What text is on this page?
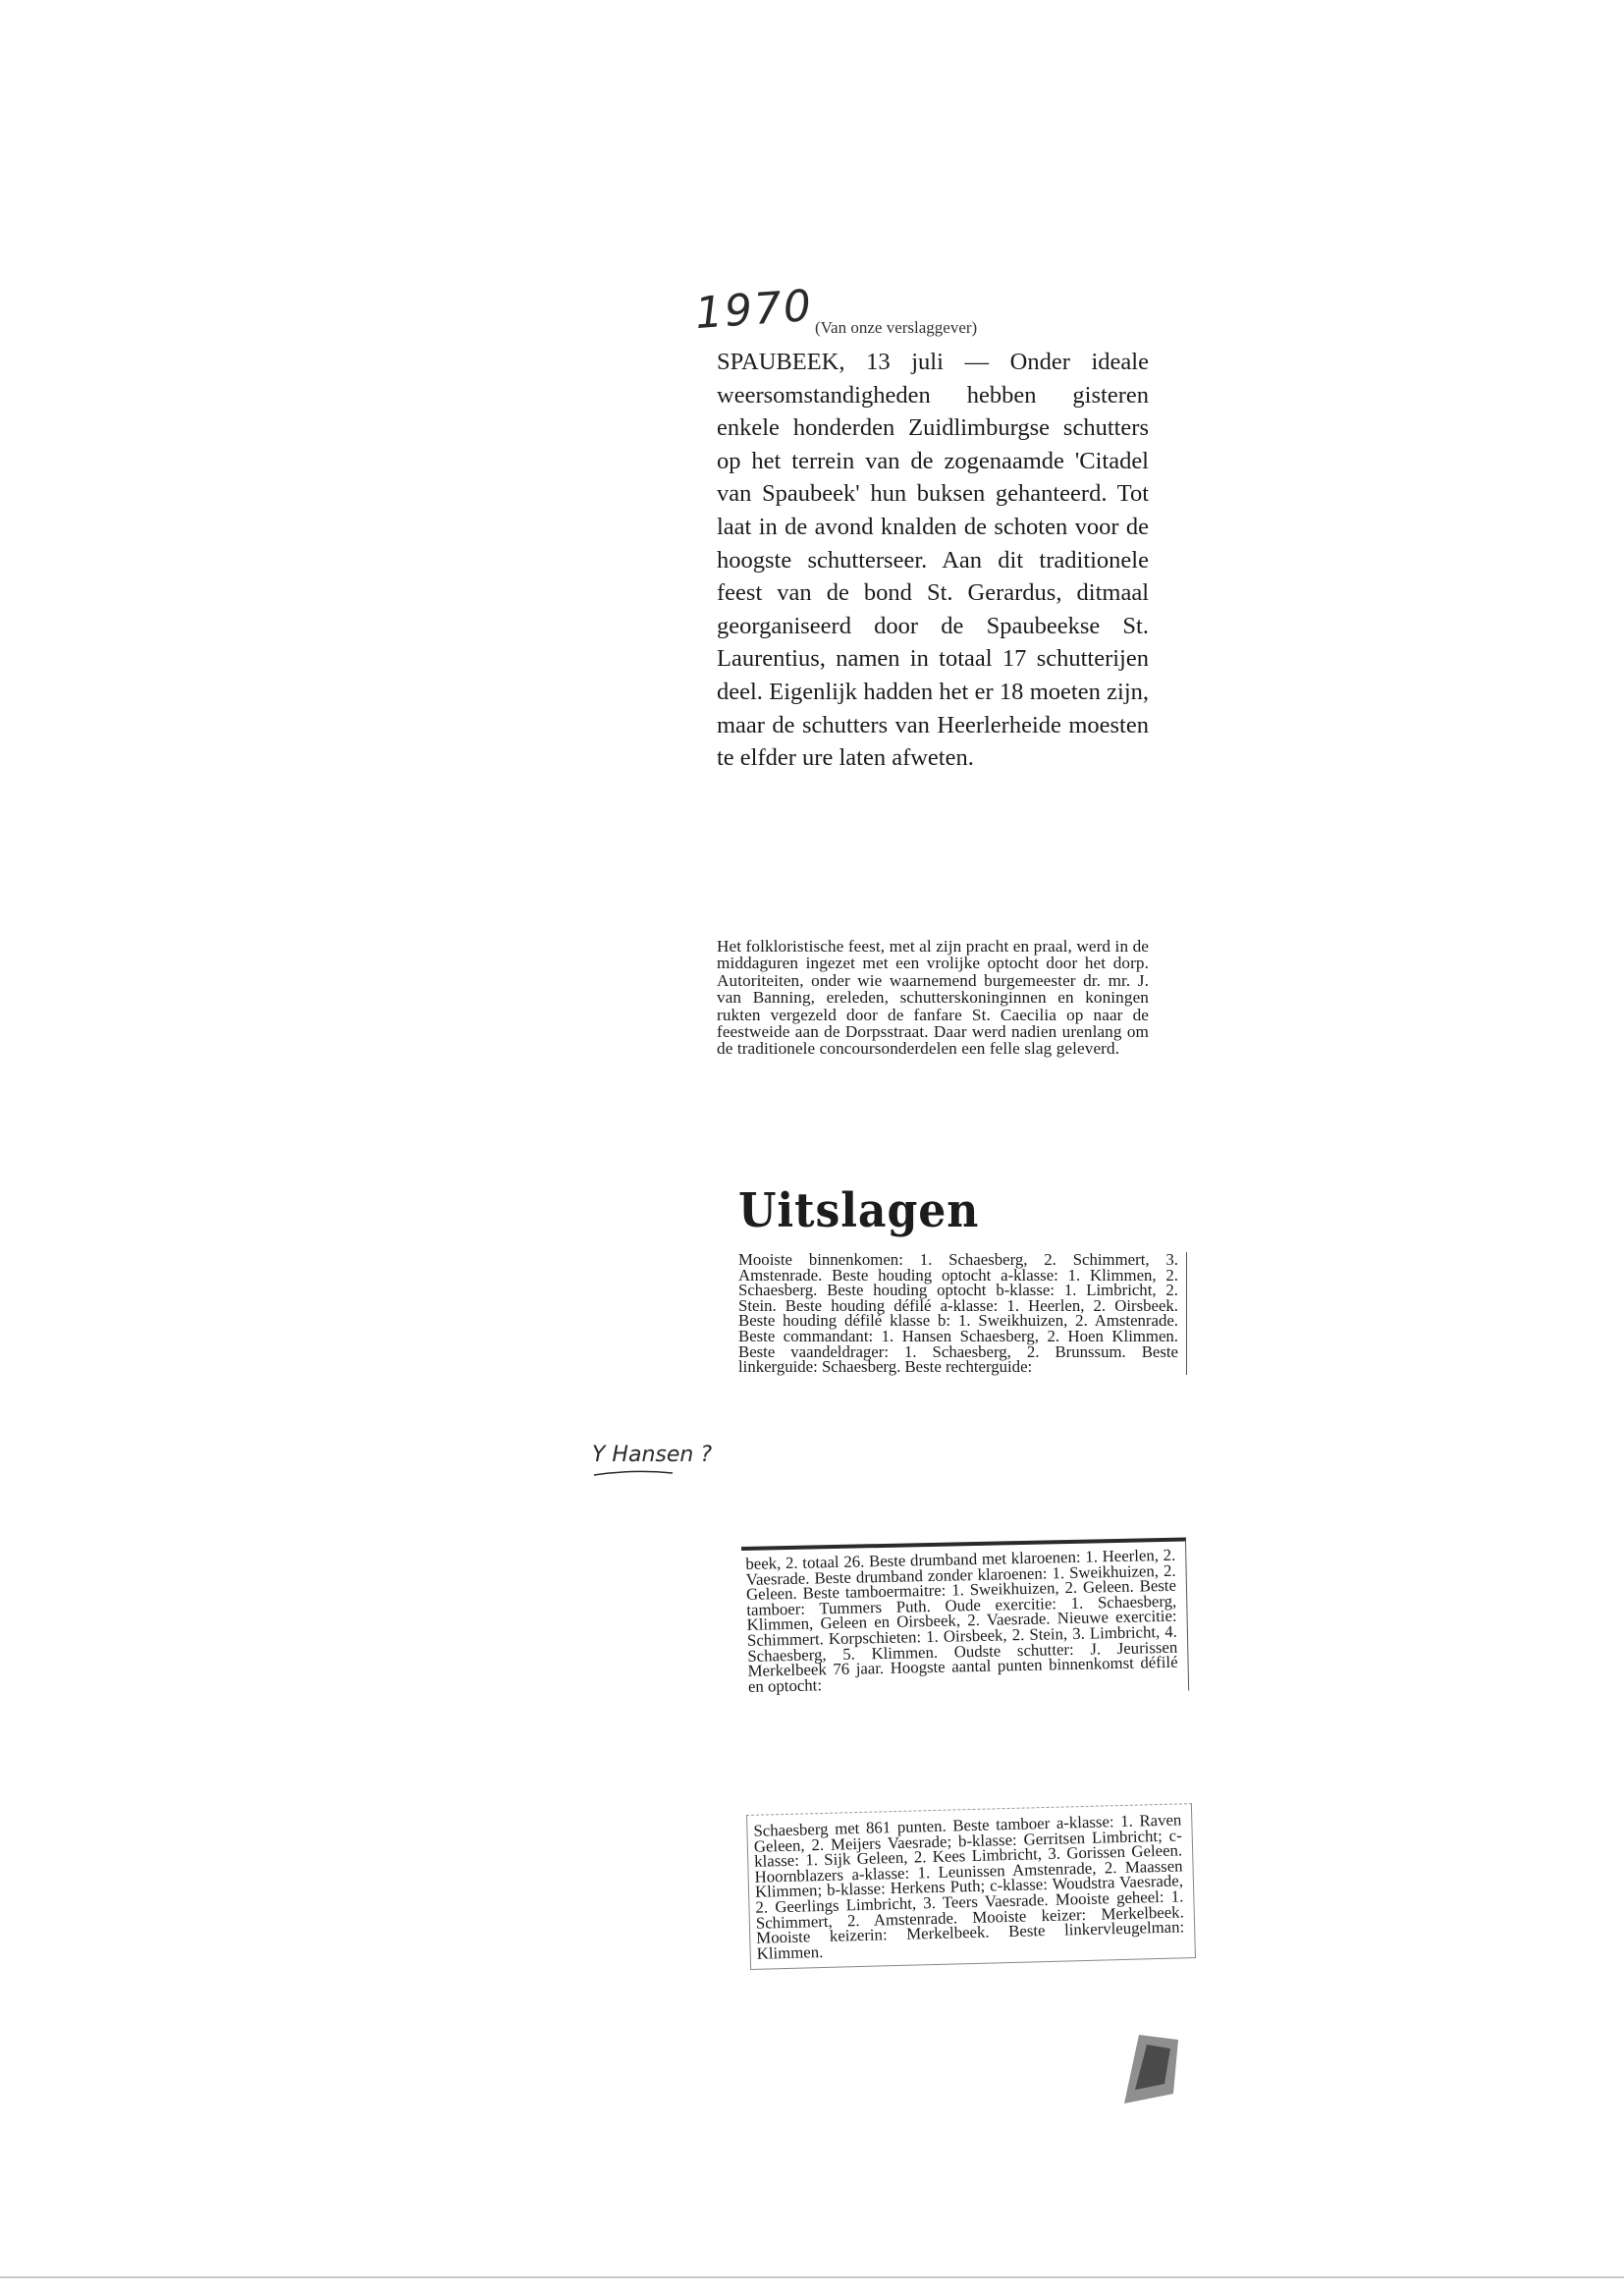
1970 (Van onze verslaggever)

SPAUBEEK, 13 juli — Onder ideale weersomstandigheden hebben gisteren enkele honderden Zuidlimburgse schutters op het terrein van de zogenaamde 'Citadel van Spaubeek' hun buksen gehanteerd. Tot laat in de avond knalden de schoten voor de hoogste schutterseer. Aan dit traditionele feest van de bond St. Gerardus, ditmaal georganiseerd door de Spaubeekse St. Laurentius, namen in totaal 17 schutterijen deel. Eigenlijk hadden het er 18 moeten zijn, maar de schutters van Heerlerheide moesten te elfder ure laten afweten.

Het folkloristische feest, met al zijn pracht en praal, werd in de middaguren ingezet met een vrolijke optocht door het dorp. Autoriteiten, onder wie waarnemend burgemeester dr. mr. J. van Banning, ereleden, schutterskoninginnen en koningen rukten vergezeld door de fanfare St. Caecilia op naar de feestweide aan de Dorpsstraat. Daar werd nadien urenlang om de traditionele concoursonderdelen een felle slag geleverd.

Uitslagen

Mooiste binnenkomen: 1. Schaesberg, 2. Schimmert, 3. Amstenrade. Beste houding optocht a-klasse: 1. Klimmen, 2. Schaesberg. Beste houding optocht b-klasse: 1. Limbricht, 2. Stein. Beste houding défilé a-klasse: 1. Heerlen, 2. Oirsbeek. Beste houding défilé klasse b: 1. Sweikhuizen, 2. Amstenrade. Beste commandant: 1. Hansen Schaesberg, 2. Hoen Klimmen. Beste vaandeldrager: 1. Schaesberg, 2. Brunssum. Beste linkerguide: Schaesberg. Beste rechterguide:

beek, 2. totaal 26. Beste drumband met klaroenen: 1. Heerlen, 2. Vaesrade. Beste drumband zonder klaroenen: 1. Sweikhuizen, 2. Geleen. Beste tamboermaitre: 1. Sweikhuizen, 2. Geleen. Beste tamboer: Tummers Puth. Oude exercitie: 1. Schaesberg, Klimmen, Geleen en Oirsbeek, 2. Vaesrade. Nieuwe exercitie: Schimmert. Korpschieten: 1. Oirsbeek, 2. Stein, 3. Limbricht, 4. Schaesberg, 5. Klimmen. Oudste schutter: J. Jeurissen Merkelbeek 76 jaar. Hoogste aantal punten binnenkomst défilé en optocht:

Schaesberg met 861 punten. Beste tamboer a-klasse: 1. Raven Geleen, 2. Meijers Vaesrade; b-klasse: Gerritsen Limbricht; c-klasse: 1. Sijk Geleen, 2. Kees Limbricht, 3. Gorissen Geleen. Hoornblazers a-klasse: 1. Leunissen Amstenrade, 2. Maassen Klimmen; b-klasse: Herkens Puth; c-klasse: Woudstra Vaesrade, 2. Geerlings Limbricht, 3. Teers Vaesrade. Mooiste geheel: 1. Schimmert, 2. Amstenrade. Mooiste keizer: Merkelbeek. Mooiste keizerin: Merkelbeek. Beste linkervleugelman: Klimmen.

Y Hansen ?
